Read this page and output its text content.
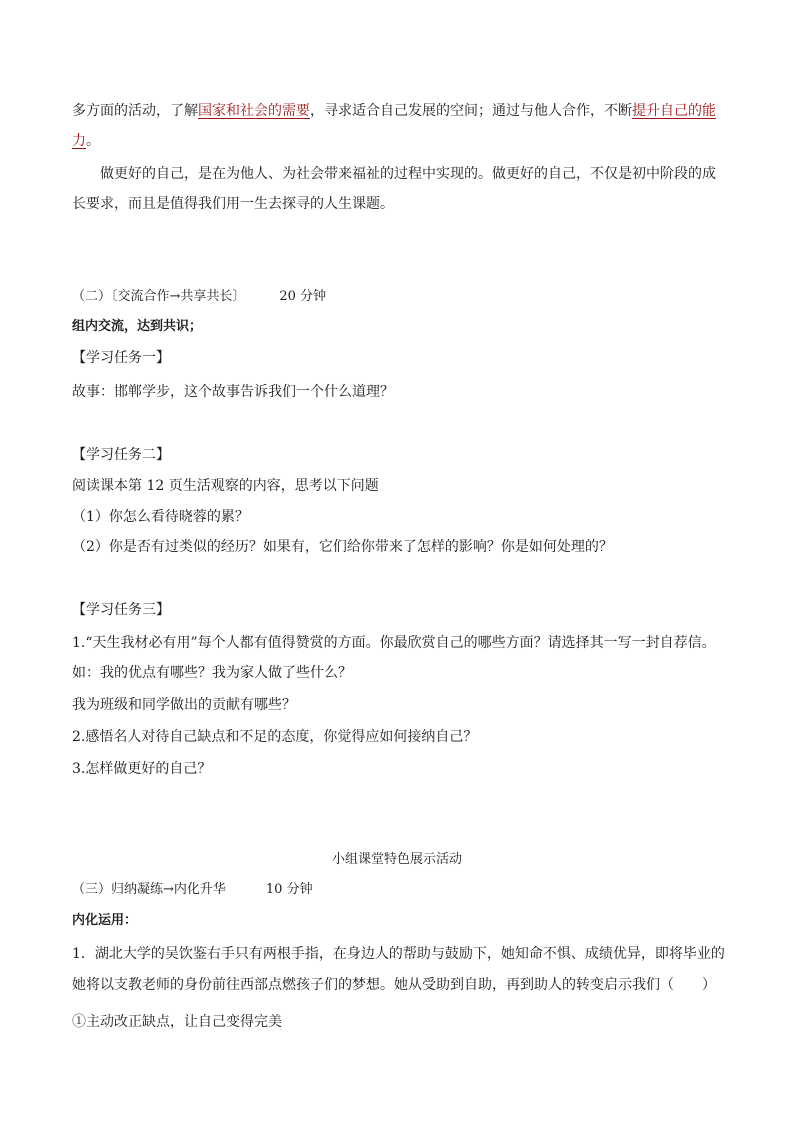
多方面的活动，了解国家和社会的需要，寻求适合自己发展的空间；通过与他人合作，不断提升自己的能
力。
做更好的自己，是在为他人、为社会带来福祉的过程中实现的。做更好的自己，不仅是初中阶段的成
长要求，而且是值得我们用一生去探寻的人生课题。
（二）〔交流合作→共享共长〕	20 分钟
组内交流，达到共识；
【学习任务一】
故事：邯郸学步，这个故事告诉我们一个什么道理？
【学习任务二】
阅读课本第 12 页生活观察的内容，思考以下问题
（1）你怎么看待晓蓉的累？
（2）你是否有过类似的经历？如果有，它们给你带来了怎样的影响？你是如何处理的？
【学习任务三】
1.“天生我材必有用”每个人都有值得赞赏的方面。你最欣赏自己的哪些方面？请选择其一写一封自荐信。
如：我的优点有哪些？我为家人做了些什么？
我为班级和同学做出的贡献有哪些？
2.感悟名人对待自己缺点和不足的态度，你觉得应如何接纳自己？
3.怎样做更好的自己？
小组课堂特色展示活动
（三）归纳凝练→内化升华	10 分钟
内化运用：
1．湖北大学的吴饮鉴右手只有两根手指，在身边人的帮助与鼓励下，她知命不惧、成绩优异，即将毕业的
她将以支教老师的身份前往西部点燃孩子们的梦想。她从受助到自助，再到助人的转变启示我们（　　）
①主动改正缺点，让自己变得完美
